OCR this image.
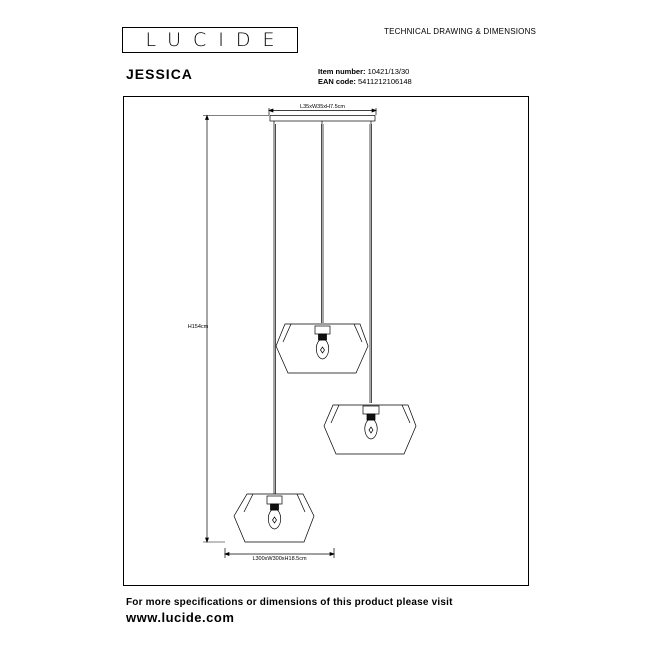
LUCIDE	TECHNICAL DRAWING & DIMENSIONS
JESSICA	Item number: 10421/13/30
EAN code: 5411212106148
L35xW35xH7.5cm
H154cm
L300xW300xH18.5cm
For more specifications or dimensions of this product please visit
www.lucide.com
